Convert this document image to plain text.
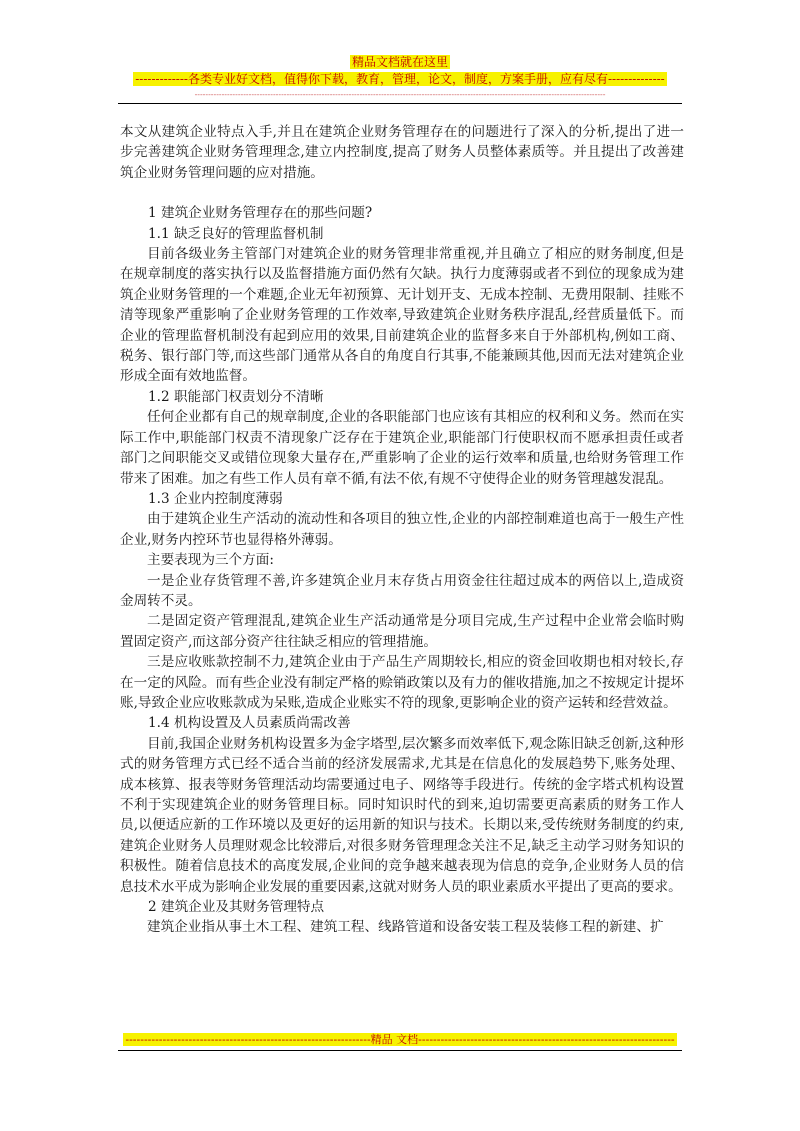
精品文档就在这里
-------------各类专业好文档，值得你下载，教育，管理，论文，制度，方案手册，应有尽有--------------
--------------------------------------------------------------------------------------------------------------------------------------------------------

本文从建筑企业特点入手,并且在建筑企业财务管理存在的问题进行了深入的分析,提出了进一步完善建筑企业财务管理理念,建立内控制度,提高了财务人员整体素质等。并且提出了改善建筑企业财务管理问题的应对措施。

1 建筑企业财务管理存在的那些问题?

1.1 缺乏良好的管理监督机制

目前各级业务主管部门对建筑企业的财务管理非常重视,并且确立了相应的财务制度,但是在规章制度的落实执行以及监督措施方面仍然有欠缺。执行力度薄弱或者不到位的现象成为建筑企业财务管理的一个难题,企业无年初预算、无计划开支、无成本控制、无费用限制、挂账不清等现象严重影响了企业财务管理的工作效率,导致建筑企业财务秩序混乱,经营质量低下。而企业的管理监督机制没有起到应用的效果,目前建筑企业的监督多来自于外部机构,例如工商、税务、银行部门等,而这些部门通常从各自的角度自行其事,不能兼顾其他,因而无法对建筑企业形成全面有效地监督。

1.2 职能部门权责划分不清晰

任何企业都有自己的规章制度,企业的各职能部门也应该有其相应的权利和义务。然而在实际工作中,职能部门权责不清现象广泛存在于建筑企业,职能部门行使职权而不愿承担责任或者部门之间职能交叉或错位现象大量存在,严重影响了企业的运行效率和质量,也给财务管理工作带来了困难。加之有些工作人员有章不循,有法不依,有规不守使得企业的财务管理越发混乱。

1.3 企业内控制度薄弱

由于建筑企业生产活动的流动性和各项目的独立性,企业的内部控制难道也高于一般生产性企业,财务内控环节也显得格外薄弱。

主要表现为三个方面:

一是企业存货管理不善,许多建筑企业月末存货占用资金往往超过成本的两倍以上,造成资金周转不灵。

二是固定资产管理混乱,建筑企业生产活动通常是分项目完成,生产过程中企业常会临时购置固定资产,而这部分资产往往缺乏相应的管理措施。

三是应收账款控制不力,建筑企业由于产品生产周期较长,相应的资金回收期也相对较长,存在一定的风险。而有些企业没有制定严格的赊销政策以及有力的催收措施,加之不按规定计提坏账,导致企业应收账款成为呆账,造成企业账实不符的现象,更影响企业的资产运转和经营效益。

1.4 机构设置及人员素质尚需改善

目前,我国企业财务机构设置多为金字塔型,层次繁多而效率低下,观念陈旧缺乏创新,这种形式的财务管理方式已经不适合当前的经济发展需求,尤其是在信息化的发展趋势下,账务处理、成本核算、报表等财务管理活动均需要通过电子、网络等手段进行。传统的金字塔式机构设置不利于实现建筑企业的财务管理目标。同时知识时代的到来,迫切需要更高素质的财务工作人员,以便适应新的工作环境以及更好的运用新的知识与技术。长期以来,受传统财务制度的约束,建筑企业财务人员理财观念比较滞后,对很多财务管理理念关注不足,缺乏主动学习财务知识的积极性。随着信息技术的高度发展,企业间的竞争越来越表现为信息的竞争,企业财务人员的信息技术水平成为影响企业发展的重要因素,这就对财务人员的职业素质水平提出了更高的要求。

2 建筑企业及其财务管理特点

建筑企业指从事土木工程、建筑工程、线路管道和设备安装工程及装修工程的新建、扩

------------------------------------------------------------------精品 文档---------------------------------------------------------------------
